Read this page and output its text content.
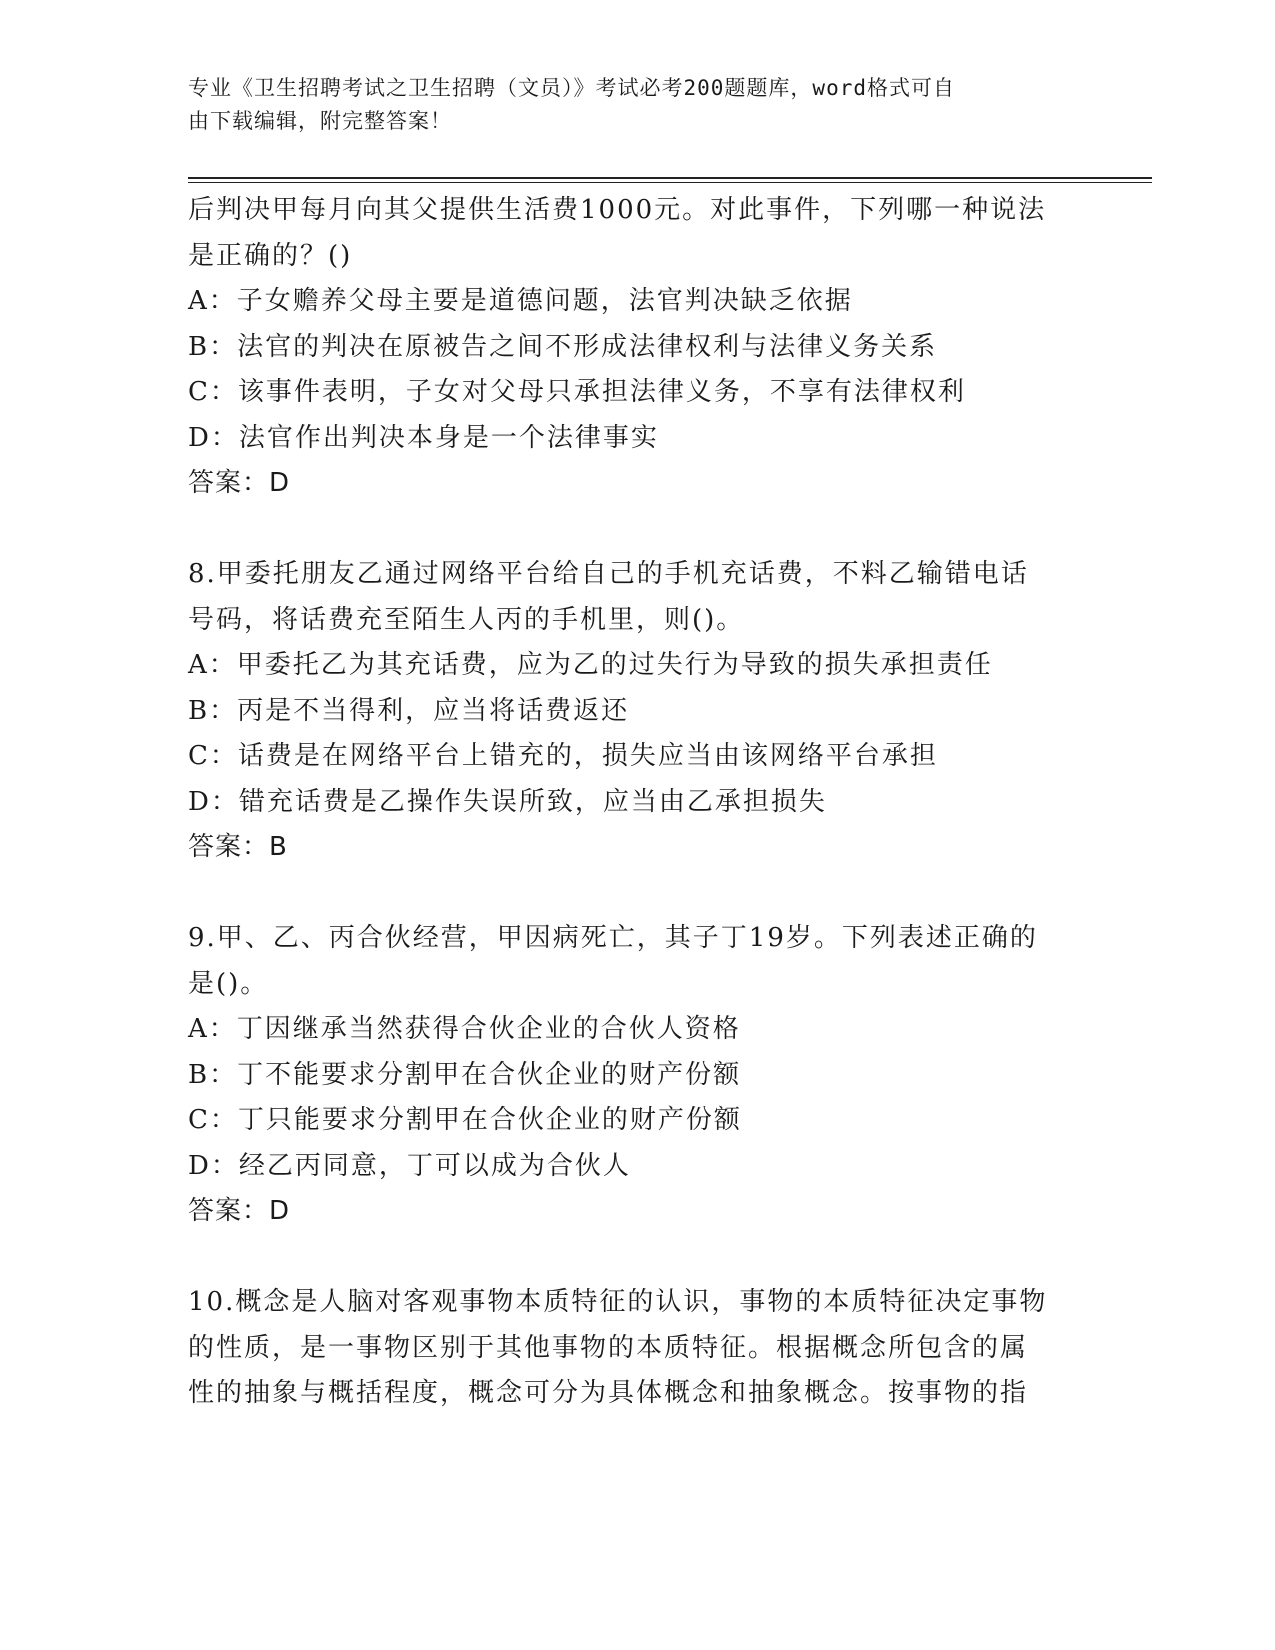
专业《卫生招聘考试之卫生招聘（文员）》考试必考200题题库，word格式可自
由下载编辑，附完整答案！
后判决甲每月向其父提供生活费1000元。对此事件，下列哪一种说法
是正确的？()
A：子女赡养父母主要是道德问题，法官判决缺乏依据
B：法官的判决在原被告之间不形成法律权利与法律义务关系
C：该事件表明，子女对父母只承担法律义务，不享有法律权利
D：法官作出判决本身是一个法律事实
答案：D
8.甲委托朋友乙通过网络平台给自己的手机充话费，不料乙输错电话
号码，将话费充至陌生人丙的手机里，则()。
A：甲委托乙为其充话费，应为乙的过失行为导致的损失承担责任
B：丙是不当得利，应当将话费返还
C：话费是在网络平台上错充的，损失应当由该网络平台承担
D：错充话费是乙操作失误所致，应当由乙承担损失
答案：B
9.甲、乙、丙合伙经营，甲因病死亡，其子丁19岁。下列表述正确的
是()。
A：丁因继承当然获得合伙企业的合伙人资格
B：丁不能要求分割甲在合伙企业的财产份额
C：丁只能要求分割甲在合伙企业的财产份额
D：经乙丙同意，丁可以成为合伙人
答案：D
10.概念是人脑对客观事物本质特征的认识，事物的本质特征决定事物
的性质，是一事物区别于其他事物的本质特征。根据概念所包含的属
性的抽象与概括程度，概念可分为具体概念和抽象概念。按事物的指
